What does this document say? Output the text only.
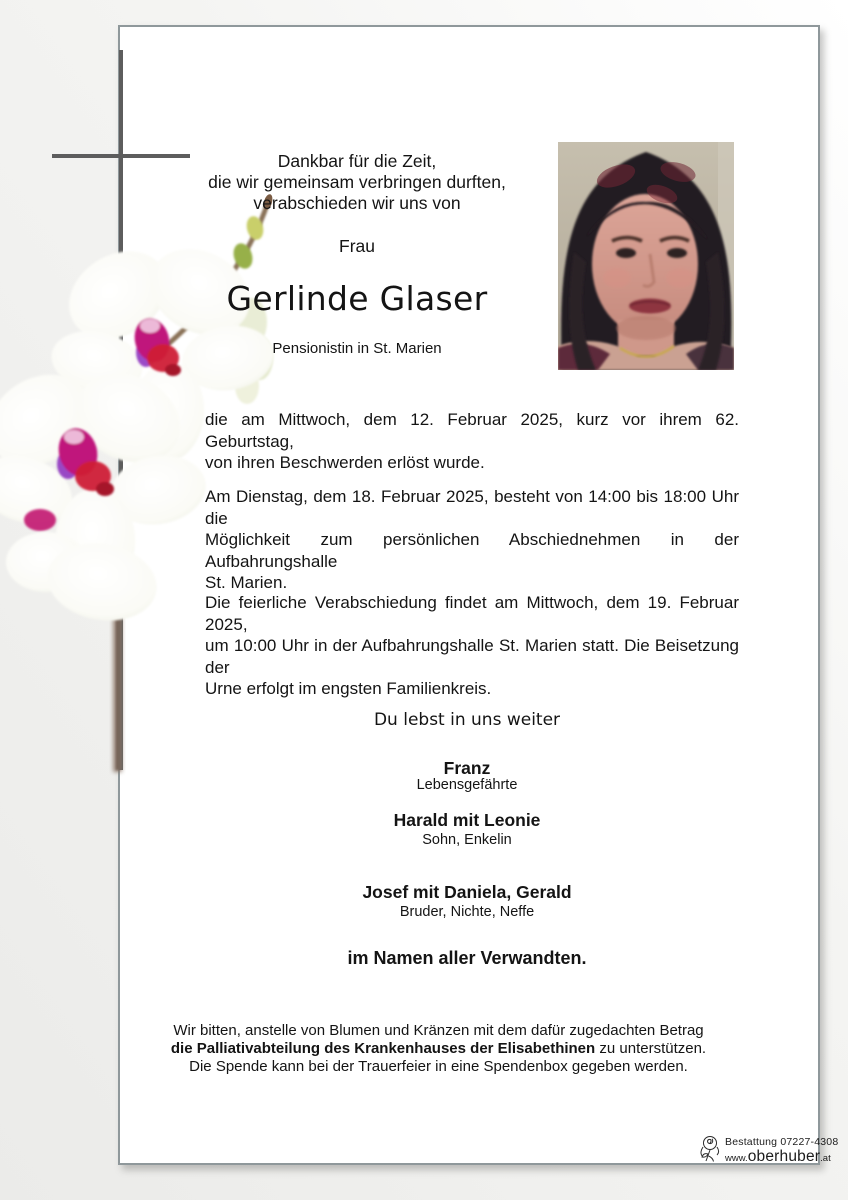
Dankbar für die Zeit,
die wir gemeinsam verbringen durften,
verabschieden wir uns von
Frau
Gerlinde Glaser
Pensionistin in St. Marien
die am Mittwoch, dem 12. Februar 2025, kurz vor ihrem 62. Geburtstag,
von ihren Beschwerden erlöst wurde.
Am Dienstag, dem 18. Februar 2025, besteht von 14:00 bis 18:00 Uhr die
Möglichkeit zum persönlichen Abschiednehmen in der Aufbahrungshalle
St. Marien.
Die feierliche Verabschiedung findet am Mittwoch, dem 19. Februar 2025,
um 10:00 Uhr in der Aufbahrungshalle St. Marien statt. Die Beisetzung der
Urne erfolgt im engsten Familienkreis.
Du lebst in uns weiter
Franz
Lebensgefährte
Harald mit Leonie
Sohn, Enkelin
Josef mit Daniela, Gerald
Bruder, Nichte, Neffe
im Namen aller Verwandten.
Wir bitten, anstelle von Blumen und Kränzen mit dem dafür zugedachten Betrag
die Palliativabteilung des Krankenhauses der Elisabethinen zu unterstützen.
Die Spende kann bei der Trauerfeier in eine Spendenbox gegeben werden.
Bestattung 07227-4308
www.oberhuber.at
